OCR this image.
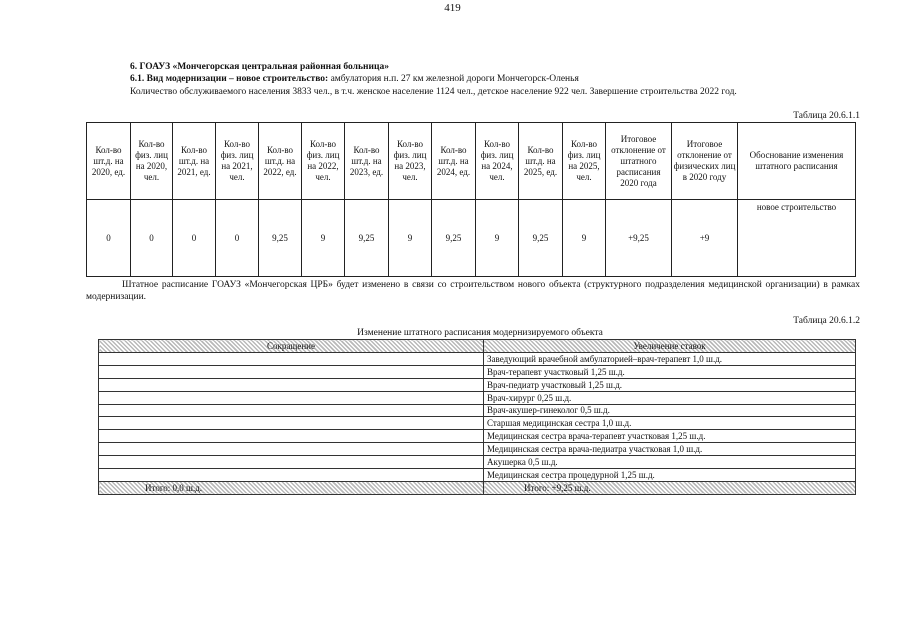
419
6. ГОАУЗ «Мончегорская центральная районная больница»
6.1. Вид модернизации – новое строительство: амбулатория н.п. 27 км железной дороги Мончегорск-Оленья
Количество обслуживаемого населения 3833 чел., в т.ч. женское население 1124 чел., детское население 922 чел. Завершение строительства 2022 год.
Таблица 20.6.1.1
Кол-во шт.д. на 2020, ед.	Кол-во физ. лиц на 2020, чел.	Кол-во шт.д. на 2021, ед.	Кол-во физ. лиц на 2021, чел.	Кол-во шт.д. на 2022, ед.	Кол-во физ. лиц на 2022, чел.	Кол-во шт.д. на 2023, ед.	Кол-во физ. лиц на 2023, чел.	Кол-во шт.д. на 2024, ед.	Кол-во физ. лиц на 2024, чел.	Кол-во шт.д. на 2025, ед.	Кол-во физ. лиц на 2025, чел.	Итоговое отклонение от штатного расписания 2020 года	Итоговое отклонение от физических лиц в 2020 году	Обоснование изменения штатного расписания
0	0	0	0	9,25	9	9,25	9	9,25	9	9,25	9	+9,25	+9	новое строительство
Штатное расписание ГОАУЗ «Мончегорская ЦРБ» будет изменено в связи со строительством нового объекта (структурного подразделения медицинской организации) в рамках модернизации.
Таблица 20.6.1.2
Изменение штатного расписания модернизируемого объекта
Сокращение	Увеличение ставок
	Заведующий врачебной амбулаторией–врач-терапевт 1,0 ш.д.
	Врач-терапевт участковый 1,25 ш.д.
	Врач-педиатр участковый 1,25 ш.д.
	Врач-хирург 0,25 ш.д.
	Врач-акушер-гинеколог 0,5 ш.д.
	Старшая медицинская сестра 1,0 ш.д.
	Медицинская сестра врача-терапевт участковая 1,25 ш.д.
	Медицинская сестра врача-педиатра участковая 1,0 ш.д.
	Акушерка 0,5 ш.д.
	Медицинская сестра процедурной 1,25 ш.д.
Итого: 0,0 ш.д.	Итого: +9,25 ш.д.
